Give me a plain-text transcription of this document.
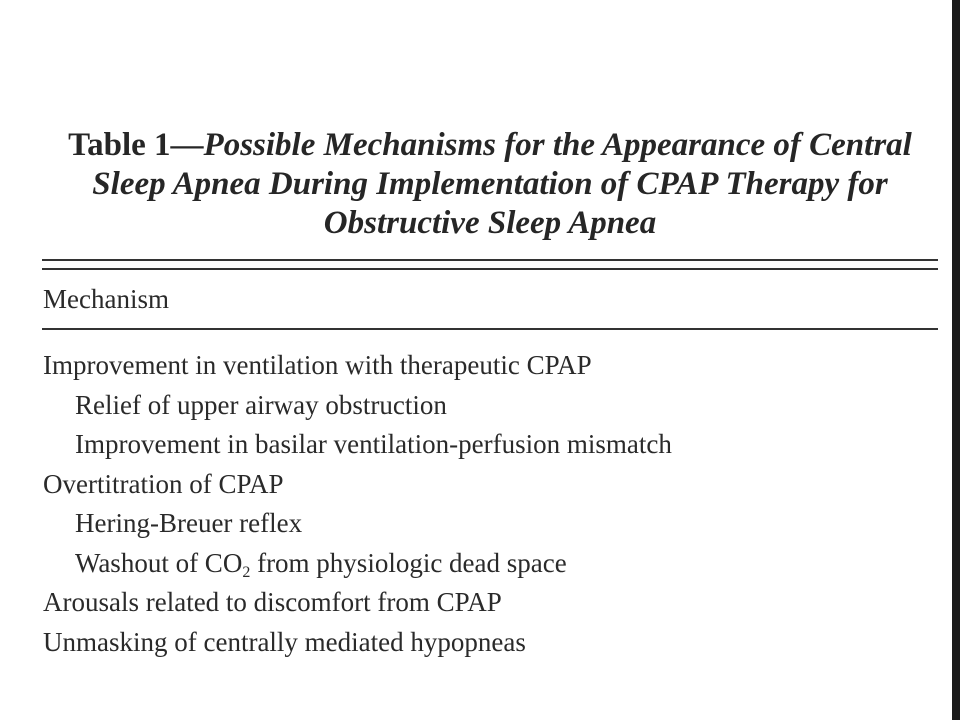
Table 1—Possible Mechanisms for the Appearance of Central Sleep Apnea During Implementation of CPAP Therapy for Obstructive Sleep Apnea
Mechanism
Improvement in ventilation with therapeutic CPAP
Relief of upper airway obstruction
Improvement in basilar ventilation-perfusion mismatch
Overtitration of CPAP
Hering-Breuer reflex
Washout of $CO_2$ from physiologic dead space
Arousals related to discomfort from CPAP
Unmasking of centrally mediated hypopneas
